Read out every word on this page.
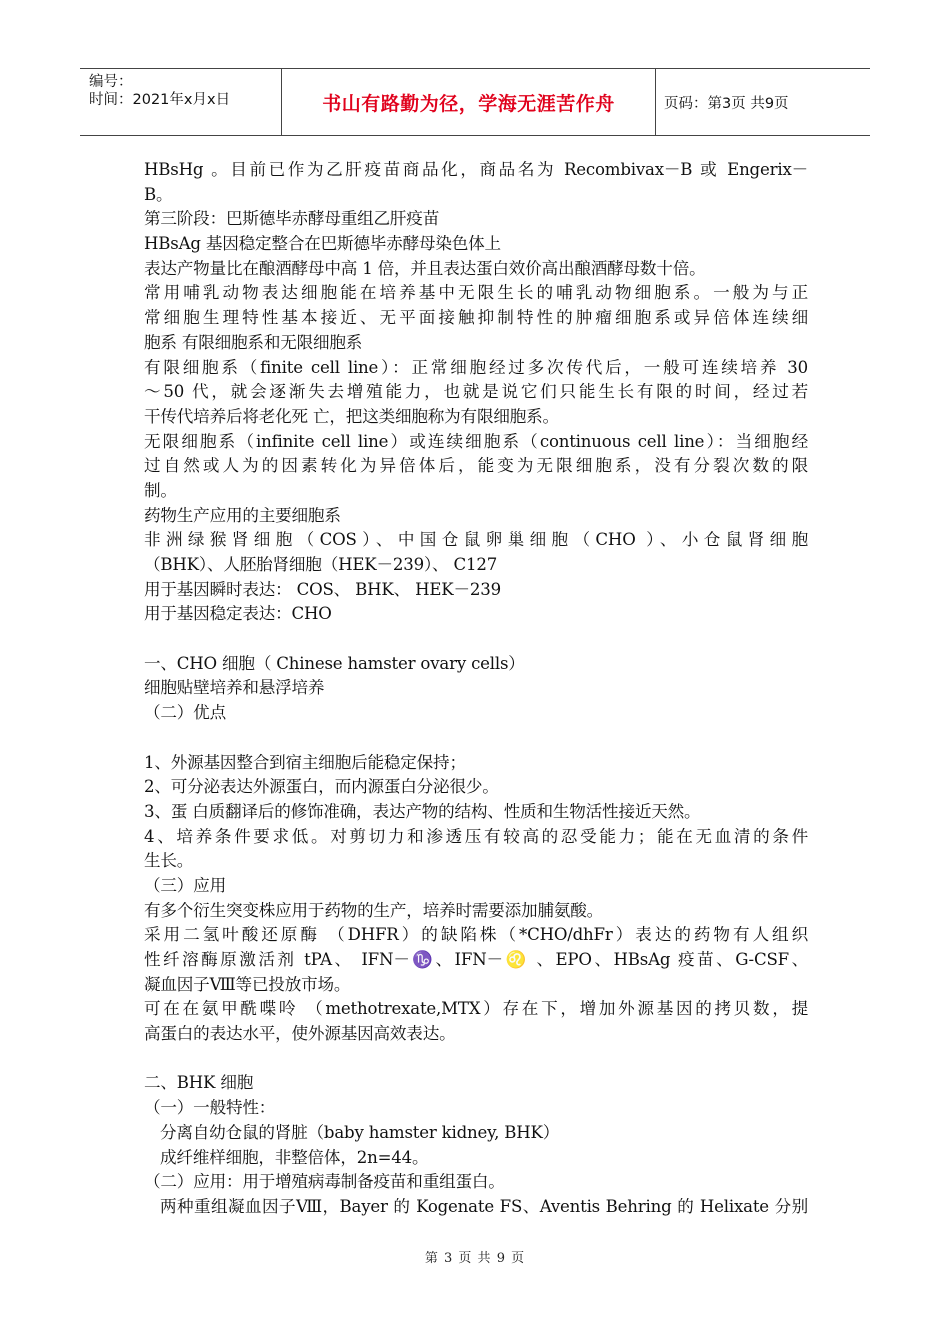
编号：
时间：2021年x月x日	书山有路勤为径，学海无涯苦作舟	页码：第3页 共9页
HBsHg 。目前已作为乙肝疫苗商品化，商品名为 Recombivax－B 或 Engerix－
B。
第三阶段：巴斯德毕赤酵母重组乙肝疫苗
HBsAg 基因稳定整合在巴斯德毕赤酵母染色体上
表达产物量比在酿酒酵母中高 1 倍，并且表达蛋白效价高出酿酒酵母数十倍。
常用哺乳动物表达细胞能在培养基中无限生长的哺乳动物细胞系。一般为与正
常细胞生理特性基本接近、无平面接触抑制特性的肿瘤细胞系或异倍体连续细
胞系 有限细胞系和无限细胞系
有限细胞系（finite cell line）：正常细胞经过多次传代后，一般可连续培养 30
～50 代，就会逐渐失去增殖能力，也就是说它们只能生长有限的时间，经过若
干传代培养后将老化死 亡，把这类细胞称为有限细胞系。
无限细胞系（infinite cell line）或连续细胞系（continuous cell line）：当细胞经
过自然或人为的因素转化为异倍体后，能变为无限细胞系，没有分裂次数的限
制。
药物生产应用的主要细胞系
非洲绿猴肾细胞（COS）、中国仓鼠卵巢细胞（CHO ）、小仓鼠肾细胞
（BHK）、人胚胎肾细胞（HEK－239）、 C127
用于基因瞬时表达： COS、 BHK、 HEK－239
用于基因稳定表达：CHO
一、CHO 细胞（ Chinese hamster ovary cells）
细胞贴壁培养和悬浮培养
（二）优点
1、外源基因整合到宿主细胞后能稳定保持；
2、可分泌表达外源蛋白，而内源蛋白分泌很少。
3、蛋 白质翻译后的修饰准确，表达产物的结构、性质和生物活性接近天然。
4、培养条件要求低。对剪切力和渗透压有较高的忍受能力；能在无血清的条件
生长。
（三）应用
有多个衍生突变株应用于药物的生产，培养时需要添加脯氨酸。
采用二氢叶酸还原酶 （DHFR）的缺陷株（*CHO/dhFr）表达的药物有人组织
性纤溶酶原激活剂 tPA、 IFN－♑、IFN－♌ 、EPO、HBsAg 疫苗、G-CSF、
凝血因子Ⅷ等已投放市场。
可在在氨甲酰喋呤 （methotrexate,MTX）存在下，增加外源基因的拷贝数，提
高蛋白的表达水平，使外源基因高效表达。
二、BHK 细胞
（一）一般特性：
分离自幼仓鼠的肾脏（baby hamster kidney, BHK）
成纤维样细胞，非整倍体，2n=44。
（二）应用：用于增殖病毒制备疫苗和重组蛋白。
两种重组凝血因子Ⅷ，Bayer 的 Kogenate FS、Aventis Behring 的 Helixate 分别
第 3 页 共 9 页
